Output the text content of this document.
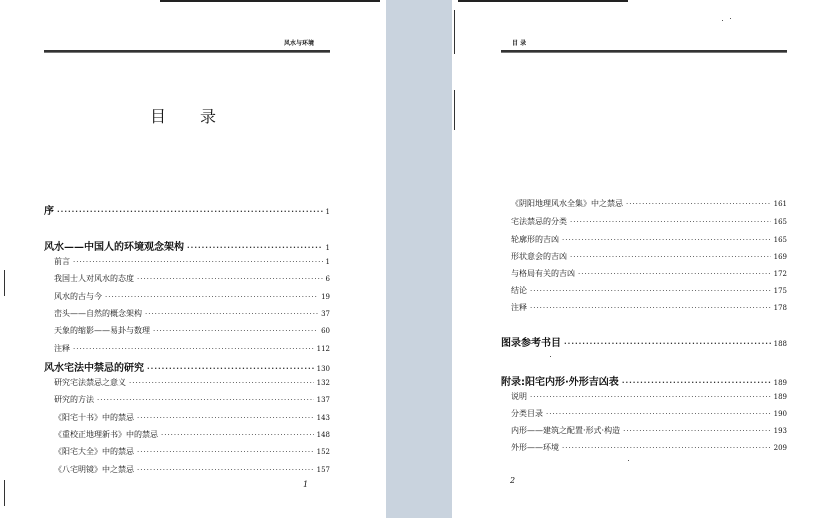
风水与环境
目录
序 ·····	1
风水——中国人的环境观念架构 ·····	1
前言 ·····	1
我国士人对风水的态度 ·····	6
风水的古与今 ·····	19
峦头——自然的概念架构 ·····	37
天象的缩影——易卦与数理 ·····	60
注释 ·····	112
风水宅法中禁忌的研究 ·····	130
研究宅法禁忌之意义 ·····	132
研究的方法 ·····	137
《阳宅十书》中的禁忌 ·····	143
《重校正地理新书》中的禁忌 ·····	148
《阳宅大全》中的禁忌 ·····	152
《八宅明镜》中之禁忌 ·····	157
1
目 录
《阴阳地理风水全集》中之禁忌 ·····	161
宅法禁忌的分类 ·····	165
轮廓形的吉凶 ·····	165
形状意会的吉凶 ·····	169
与格局有关的吉凶 ·····	172
结论 ·····	175
注释 ·····	178
图录参考书目 ·····	188
附录:阳宅内形·外形吉凶表 ·····	189
说明 ·····	189
分类目录 ·····	190
内形——建筑之配置·形式·构造 ·····	193
外形——环境 ·····	209
2
